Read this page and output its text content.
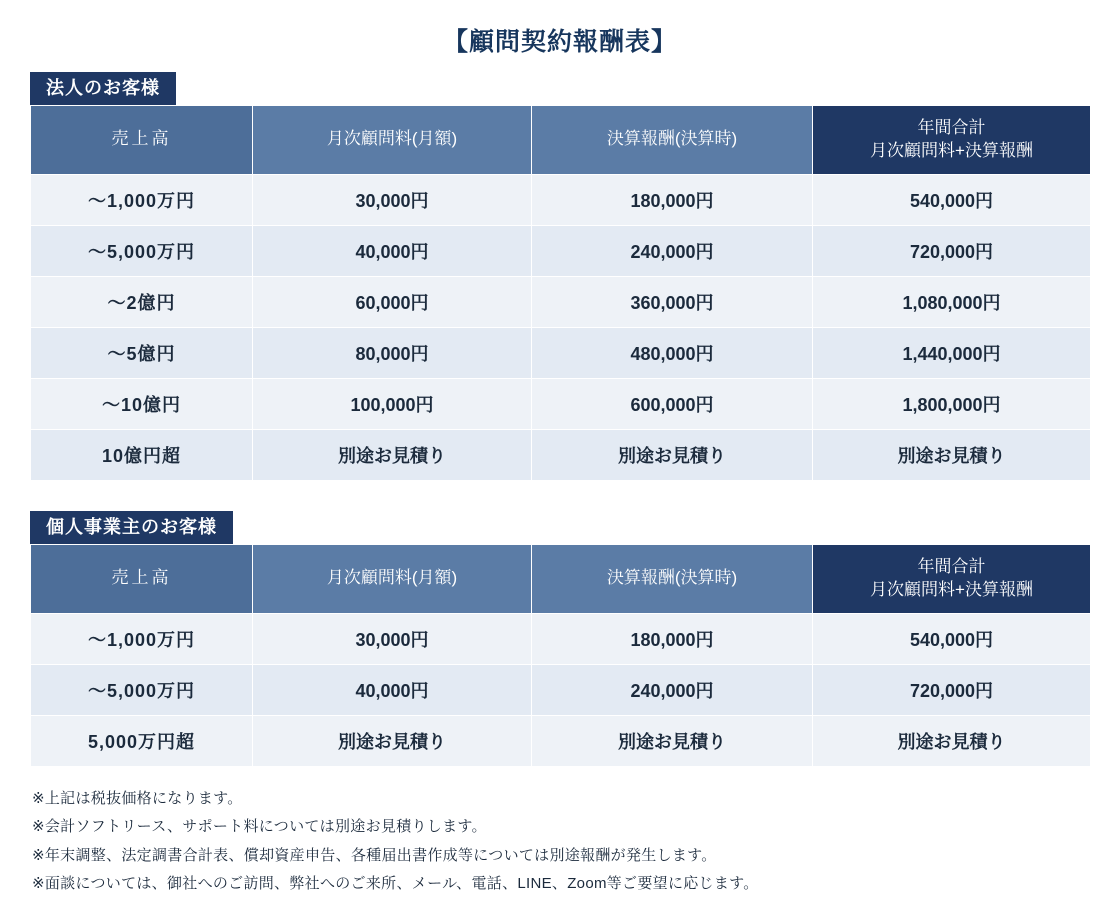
【顧問契約報酬表】
法人のお客様
売上高	月次顧問料(月額)	決算報酬(決算時)	年間合計
月次顧問料+決算報酬
〜1,000万円	30,000円	180,000円	540,000円
〜5,000万円	40,000円	240,000円	720,000円
〜2億円	60,000円	360,000円	1,080,000円
〜5億円	80,000円	480,000円	1,440,000円
〜10億円	100,000円	600,000円	1,800,000円
10億円超	別途お見積り	別途お見積り	別途お見積り
個人事業主のお客様
売上高	月次顧問料(月額)	決算報酬(決算時)	年間合計
月次顧問料+決算報酬
〜1,000万円	30,000円	180,000円	540,000円
〜5,000万円	40,000円	240,000円	720,000円
5,000万円超	別途お見積り	別途お見積り	別途お見積り
※上記は税抜価格になります。
※会計ソフトリース、サポート料については別途お見積りします。
※年末調整、法定調書合計表、償却資産申告、各種届出書作成等については別途報酬が発生します。
※面談については、御社へのご訪問、弊社へのご来所、メール、電話、LINE、Zoom等ご要望に応じます。
